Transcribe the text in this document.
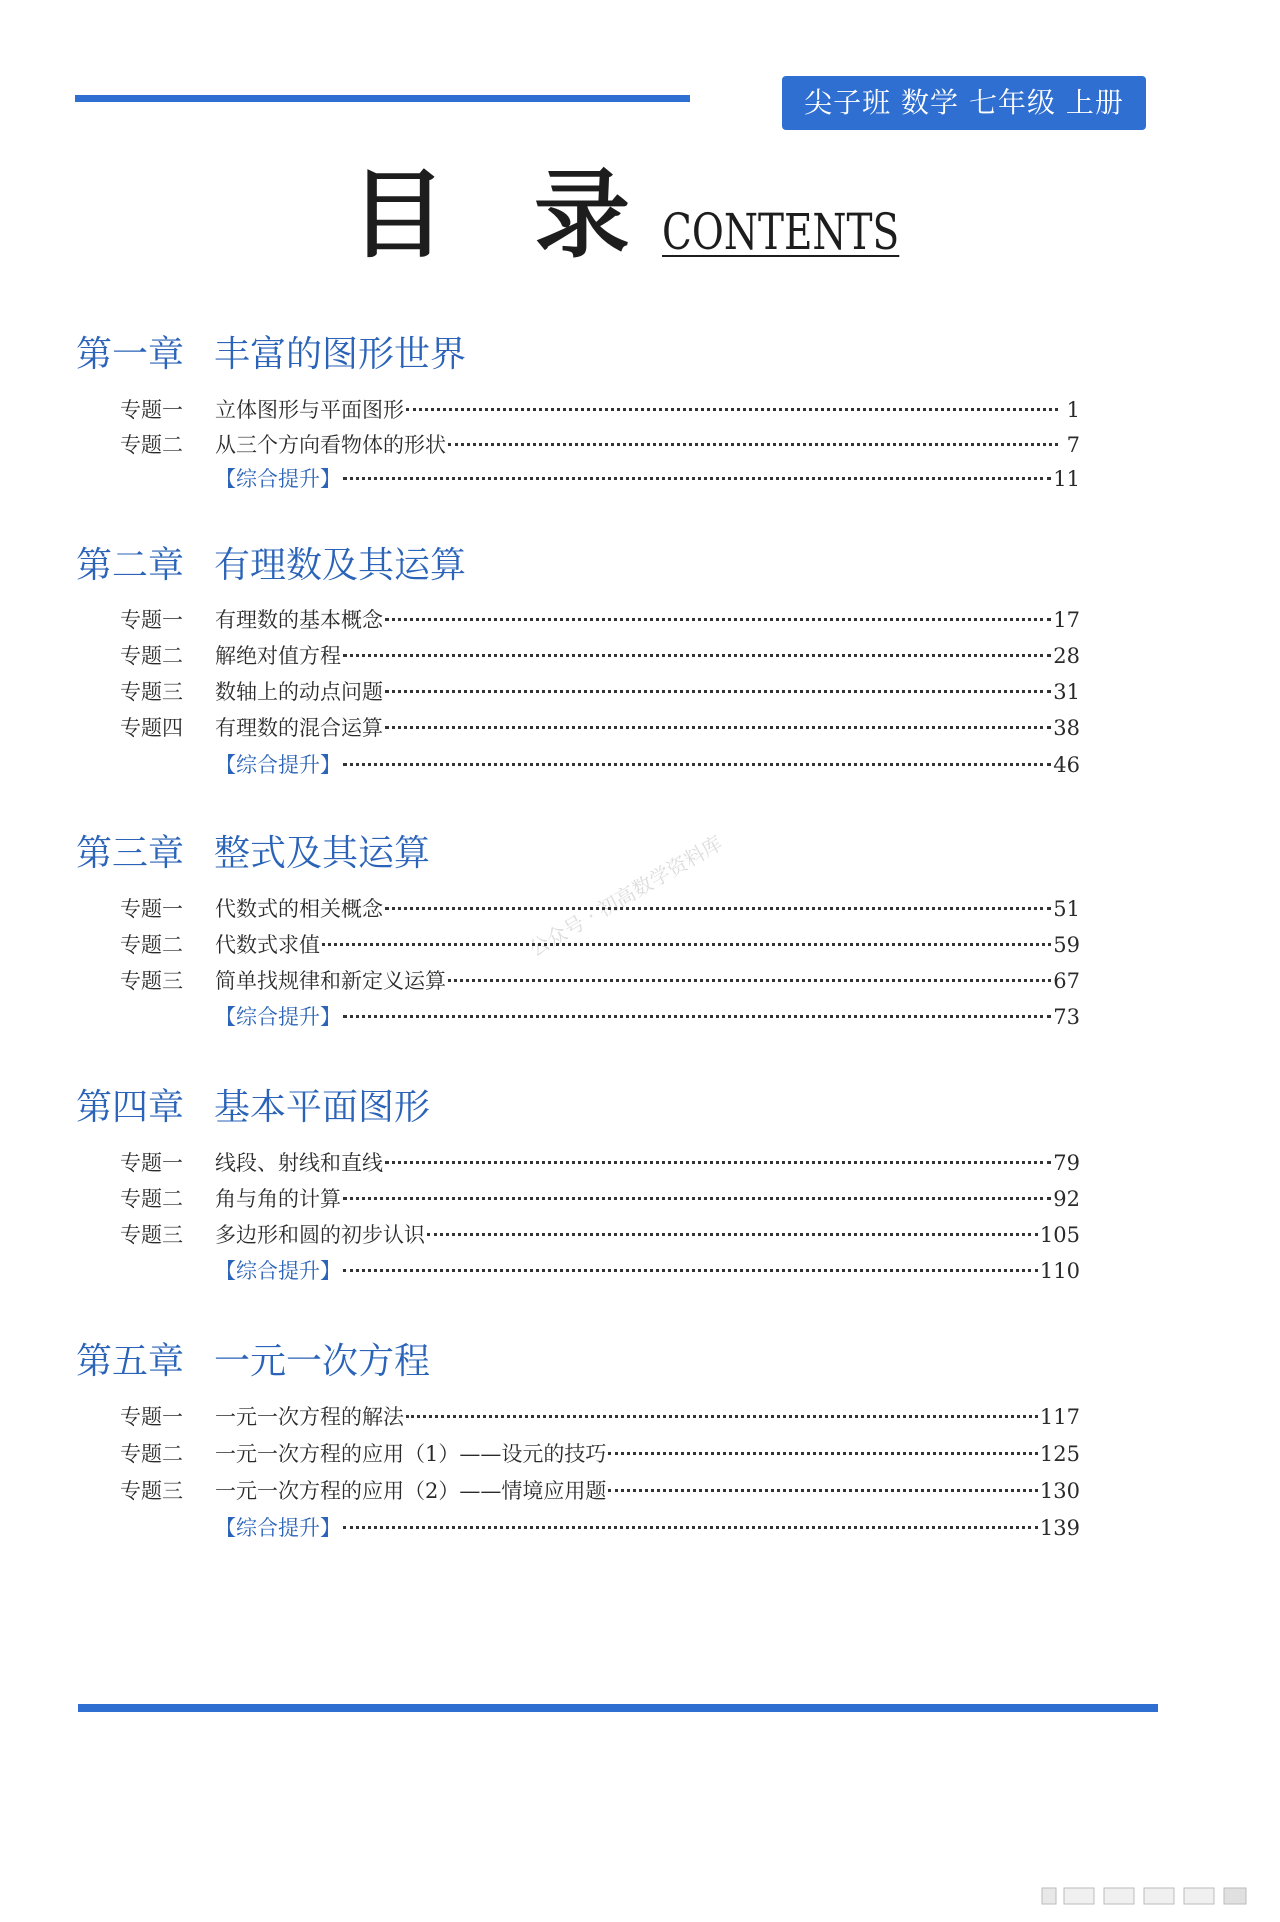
尖子班 数学 七年级 上册
目录
CONTENTS
公众号 · 初高数学资料库
第一章 丰富的图形世界
专题一	立体图形与平面图形	1
专题二	从三个方向看物体的形状	7
【综合提升】	11
第二章 有理数及其运算
专题一	有理数的基本概念	17
专题二	解绝对值方程	28
专题三	数轴上的动点问题	31
专题四	有理数的混合运算	38
【综合提升】	46
第三章 整式及其运算
专题一	代数式的相关概念	51
专题二	代数式求值	59
专题三	简单找规律和新定义运算	67
【综合提升】	73
第四章 基本平面图形
专题一	线段、射线和直线	79
专题二	角与角的计算	92
专题三	多边形和圆的初步认识	105
【综合提升】	110
第五章 一元一次方程
专题一	一元一次方程的解法	117
专题二	一元一次方程的应用（1）——设元的技巧	125
专题三	一元一次方程的应用（2）——情境应用题	130
【综合提升】	139
